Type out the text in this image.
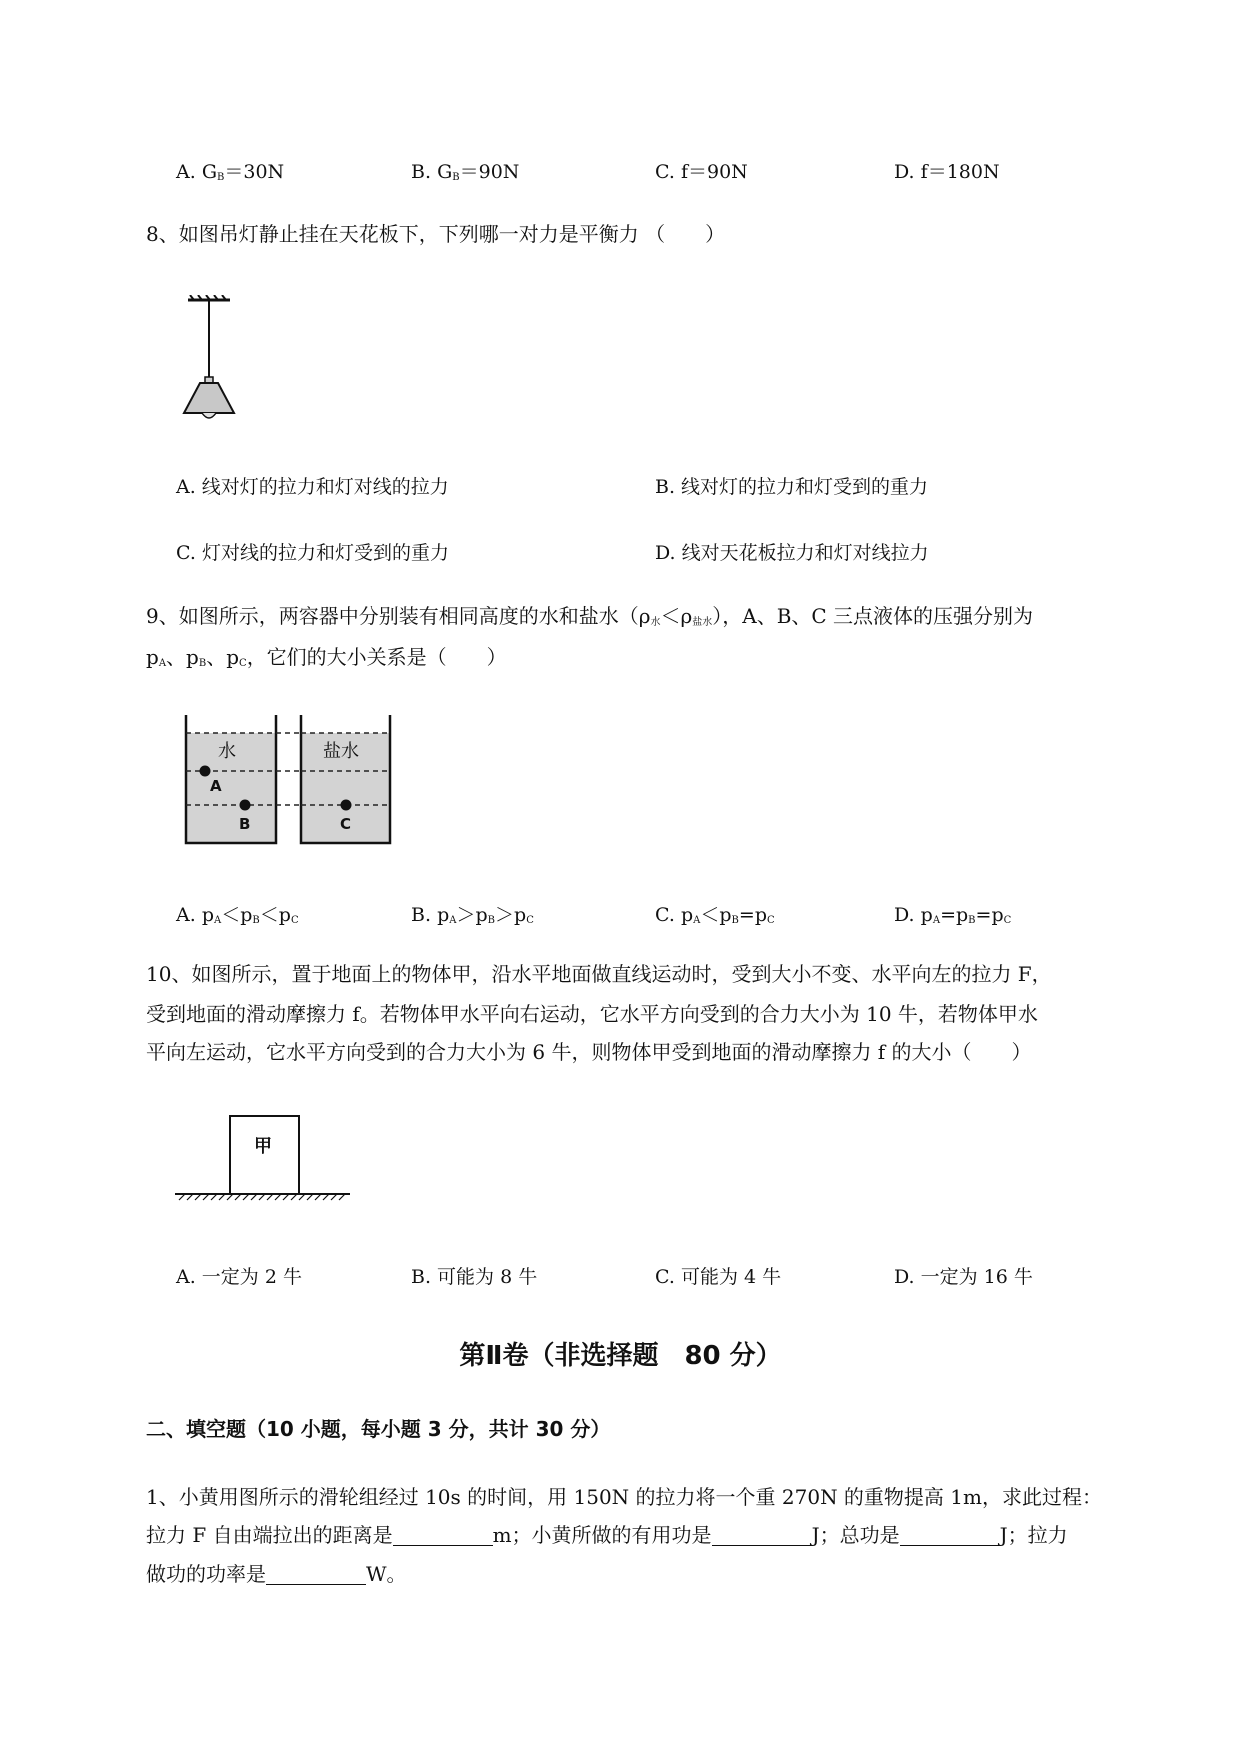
A. $G_B=30N$	B. $G_B=90N$	C. f＝90N	D. f＝180N
8、如图吊灯静止挂在天花板下，下列哪一对力是平衡力 （　　）
A. 线对灯的拉力和灯对线的拉力	B. 线对灯的拉力和灯受到的重力
C. 灯对线的拉力和灯受到的重力	D. 线对天花板拉力和灯对线拉力
9、如图所示，两容器中分别装有相同高度的水和盐水$(\rho_水<\rho_{盐水})$，A、B、C 三点液体的压强分别为
$p_A$、$p_B$、$p_C$，它们的大小关系是（　　）
水	盐水
A
B	C
A. $p_A<p_B<p_C$	B. $p_A>p_B>p_C$	C. $p_A<p_B=p_C$	D. $p_A=p_B=p_C$
10、如图所示，置于地面上的物体甲，沿水平地面做直线运动时，受到大小不变、水平向左的拉力 F，
受到地面的滑动摩擦力 f。若物体甲水平向右运动，它水平方向受到的合力大小为 10 牛，若物体甲水
平向左运动，它水平方向受到的合力大小为 6 牛，则物体甲受到地面的滑动摩擦力 f 的大小（　　）
甲
A. 一定为 2 牛	B. 可能为 8 牛	C. 可能为 4 牛	D. 一定为 16 牛
第Ⅱ卷（非选择题　80 分）
二、填空题（10 小题，每小题 3 分，共计 30 分）
1、小黄用图所示的滑轮组经过 10s 的时间，用 150N 的拉力将一个重 270N 的重物提高 1m，求此过程：
拉力 F 自由端拉出的距离是	m；小黄所做的有用功是	J；总功是	J；拉力
做功的功率是	W。
